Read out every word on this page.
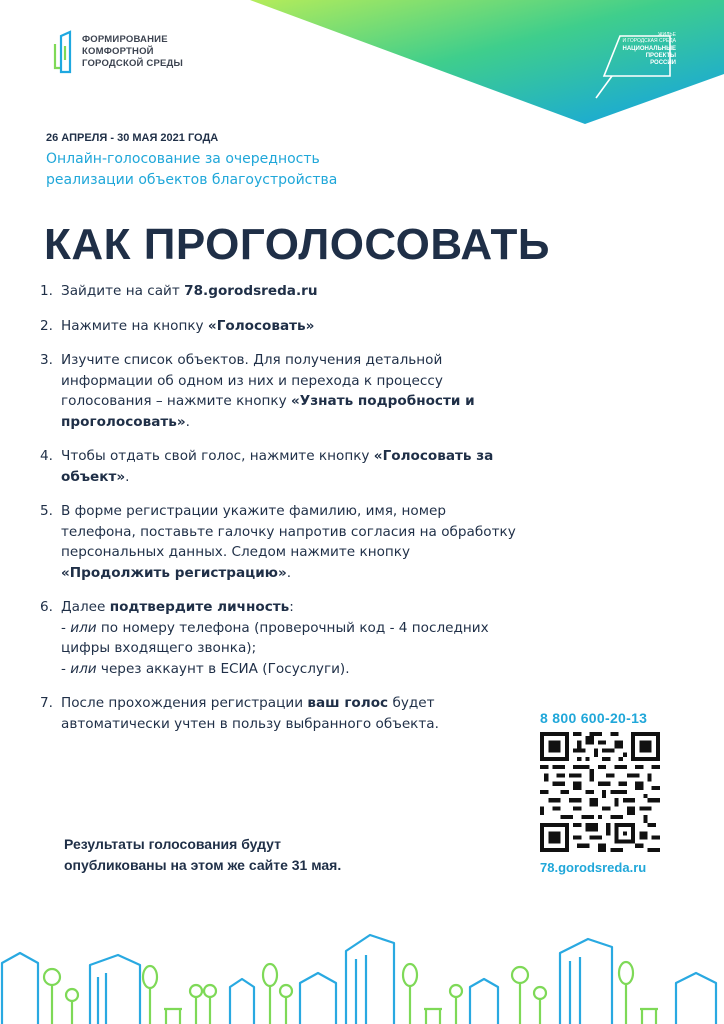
ФОРМИРОВАНИЕ
КОМФОРТНОЙ
ГОРОДСКОЙ СРЕДЫ
ЖИЛЬЕ
И ГОРОДСКАЯ СРЕДА
НАЦИОНАЛЬНЫЕ
ПРОЕКТЫ
РОССИИ
26 АПРЕЛЯ - 30 МАЯ 2021 ГОДА
Онлайн-голосование за очередность
реализации объектов благоустройства
КАК ПРОГОЛОСОВАТЬ
1. Зайдите на сайт 78.gorodsreda.ru
2. Нажмите на кнопку «Голосовать»
3. Изучите список объектов. Для получения детальной информации об одном из них и перехода к процессу голосования – нажмите кнопку «Узнать подробности и проголосовать».
4. Чтобы отдать свой голос, нажмите кнопку «Голосовать за объект».
5. В форме регистрации укажите фамилию, имя, номер телефона, поставьте галочку напротив согласия на обработку персональных данных. Следом нажмите кнопку «Продолжить регистрацию».
6. Далее подтвердите личность:
- или по номеру телефона (проверочный код - 4 последних цифры входящего звонка);
- или через аккаунт в ЕСИА (Госуслуги).
7. После прохождения регистрации ваш голос будет автоматически учтен в пользу выбранного объекта.	8 800 600-20-13
78.gorodsreda.ru
Результаты голосования будут
опубликованы на этом же сайте 31 мая.
